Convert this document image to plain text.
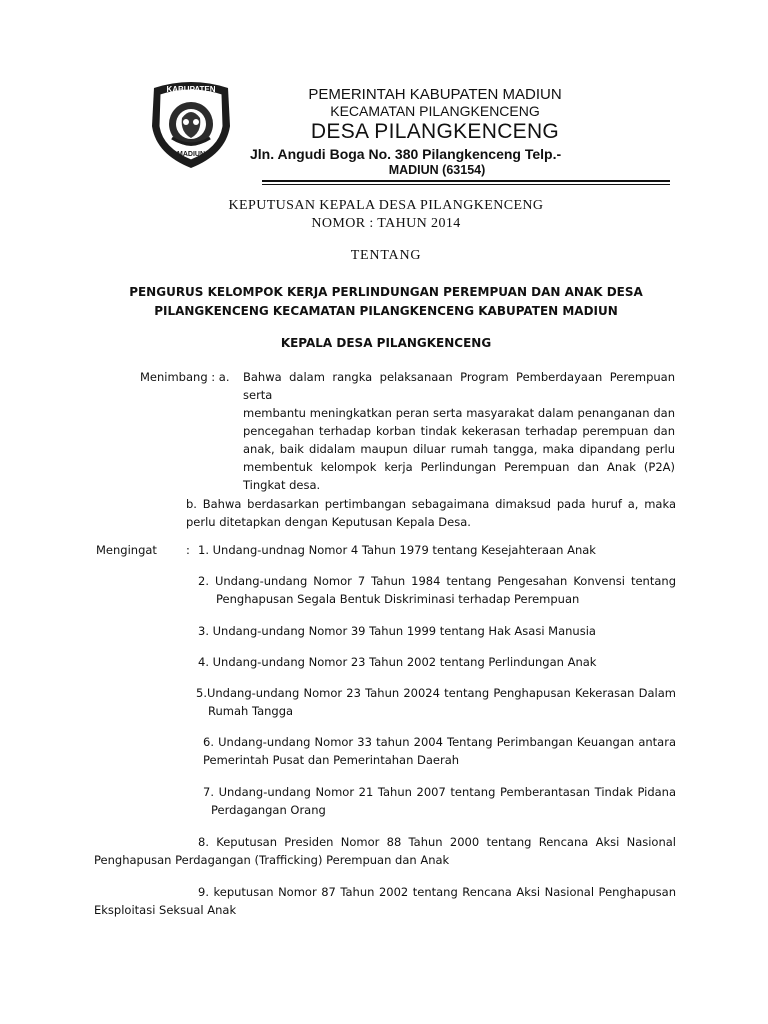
KABUPATEN
MADIUN
PEMERINTAH KABUPATEN MADIUN
KECAMATAN PILANGKENCENG
DESA PILANGKENCENG
Jln. Angudi Boga No. 380 Pilangkenceng Telp.-
MADIUN (63154)
KEPUTUSAN KEPALA DESA PILANGKENCENG
NOMOR : TAHUN 2014
TENTANG
PENGURUS KELOMPOK KERJA PERLINDUNGAN PEREMPUAN DAN ANAK DESA
PILANGKENCENG KECAMATAN PILANGKENCENG KABUPATEN MADIUN
KEPALA DESA PILANGKENCENG
Menimbang : a.	Bahwa dalam rangka pelaksanaan Program Pemberdayaan Perempuan serta
membantu meningkatkan peran serta masyarakat dalam penanganan dan
pencegahan terhadap korban tindak kekerasan terhadap perempuan dan
anak, baik didalam maupun diluar rumah tangga, maka dipandang perlu
membentuk kelompok kerja Perlindungan Perempuan dan Anak (P2A)
Tingkat desa.
b. Bahwa berdasarkan pertimbangan sebagaimana dimaksud pada huruf a, maka
perlu ditetapkan dengan Keputusan Kepala Desa.
Mengingat	: 1. Undang-undnag Nomor 4 Tahun 1979 tentang Kesejahteraan Anak
2. Undang-undang Nomor 7 Tahun 1984 tentang Pengesahan Konvensi tentang
Penghapusan Segala Bentuk Diskriminasi terhadap Perempuan
3. Undang-undang Nomor 39 Tahun 1999 tentang Hak Asasi Manusia
4. Undang-undang Nomor 23 Tahun 2002 tentang Perlindungan Anak
5.Undang-undang Nomor 23 Tahun 20024 tentang Penghapusan Kekerasan Dalam
Rumah Tangga
6. Undang-undang Nomor 33 tahun 2004 Tentang Perimbangan Keuangan antara
Pemerintah Pusat dan Pemerintahan Daerah
7. Undang-undang Nomor 21 Tahun 2007 tentang Pemberantasan Tindak Pidana
Perdagangan Orang
8. Keputusan Presiden Nomor 88 Tahun 2000 tentang Rencana Aksi Nasional
Penghapusan Perdagangan (Trafficking) Perempuan dan Anak
9. keputusan Nomor 87 Tahun 2002 tentang Rencana Aksi Nasional Penghapusan
Eksploitasi Seksual Anak
